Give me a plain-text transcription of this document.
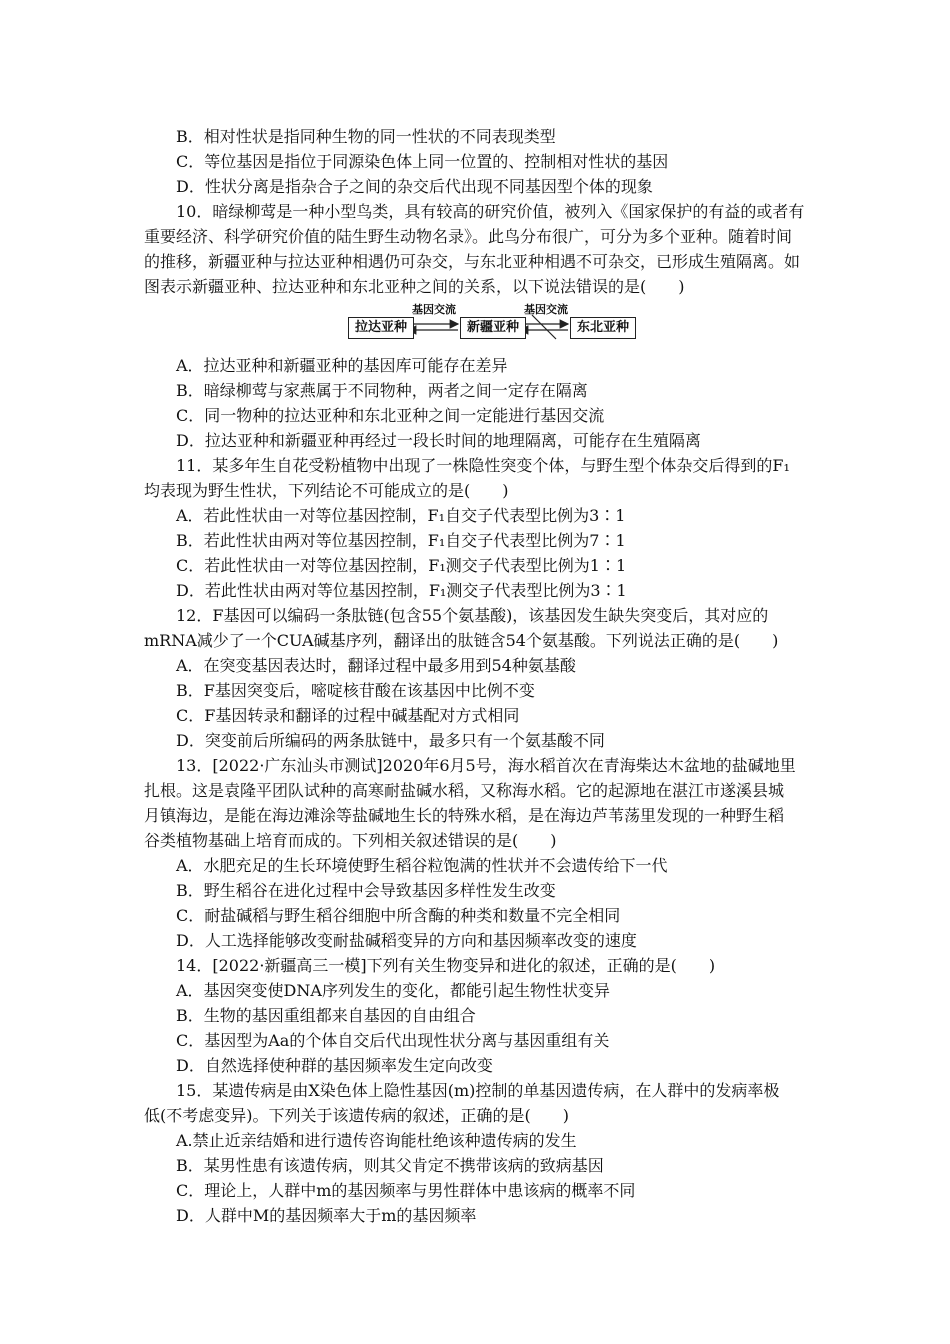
B．相对性状是指同种生物的同一性状的不同表现类型
C．等位基因是指位于同源染色体上同一位置的、控制相对性状的基因
D．性状分离是指杂合子之间的杂交后代出现不同基因型个体的现象
10．暗绿柳莺是一种小型鸟类，具有较高的研究价值，被列入《国家保护的有益的或者有
重要经济、科学研究价值的陆生野生动物名录》。此鸟分布很广，可分为多个亚种。随着时间
的推移，新疆亚种与拉达亚种相遇仍可杂交，与东北亚种相遇不可杂交，已形成生殖隔离。如
图表示新疆亚种、拉达亚种和东北亚种之间的关系，以下说法错误的是(　　)
基因交流	基因交流
拉达亚种	新疆亚种	东北亚种
A．拉达亚种和新疆亚种的基因库可能存在差异
B．暗绿柳莺与家燕属于不同物种，两者之间一定存在隔离
C．同一物种的拉达亚种和东北亚种之间一定能进行基因交流
D．拉达亚种和新疆亚种再经过一段长时间的地理隔离，可能存在生殖隔离
11．某多年生自花受粉植物中出现了一株隐性突变个体，与野生型个体杂交后得到的F₁
均表现为野生性状，下列结论不可能成立的是(　　)
A．若此性状由一对等位基因控制，F₁自交子代表型比例为3∶1
B．若此性状由两对等位基因控制，F₁自交子代表型比例为7∶1
C．若此性状由一对等位基因控制，F₁测交子代表型比例为1∶1
D．若此性状由两对等位基因控制，F₁测交子代表型比例为3∶1
12．F基因可以编码一条肽链(包含55个氨基酸)，该基因发生缺失突变后，其对应的
mRNA减少了一个CUA碱基序列，翻译出的肽链含54个氨基酸。下列说法正确的是(　　)
A．在突变基因表达时，翻译过程中最多用到54种氨基酸
B．F基因突变后，嘧啶核苷酸在该基因中比例不变
C．F基因转录和翻译的过程中碱基配对方式相同
D．突变前后所编码的两条肽链中，最多只有一个氨基酸不同
13．[2022·广东汕头市测试]2020年6月5号，海水稻首次在青海柴达木盆地的盐碱地里
扎根。这是袁隆平团队试种的高寒耐盐碱水稻，又称海水稻。它的起源地在湛江市遂溪县城
月镇海边，是能在海边滩涂等盐碱地生长的特殊水稻，是在海边芦苇荡里发现的一种野生稻
谷类植物基础上培育而成的。下列相关叙述错误的是(　　)
A．水肥充足的生长环境使野生稻谷粒饱满的性状并不会遗传给下一代
B．野生稻谷在进化过程中会导致基因多样性发生改变
C．耐盐碱稻与野生稻谷细胞中所含酶的种类和数量不完全相同
D．人工选择能够改变耐盐碱稻变异的方向和基因频率改变的速度
14．[2022·新疆高三一模]下列有关生物变异和进化的叙述，正确的是(　　)
A．基因突变使DNA序列发生的变化，都能引起生物性状变异
B．生物的基因重组都来自基因的自由组合
C．基因型为Aa的个体自交后代出现性状分离与基因重组有关
D．自然选择使种群的基因频率发生定向改变
15．某遗传病是由X染色体上隐性基因(m)控制的单基因遗传病，在人群中的发病率极
低(不考虑变异)。下列关于该遗传病的叙述，正确的是(　　)
A.禁止近亲结婚和进行遗传咨询能杜绝该种遗传病的发生
B．某男性患有该遗传病，则其父肯定不携带该病的致病基因
C．理论上，人群中m的基因频率与男性群体中患该病的概率不同
D．人群中M的基因频率大于m的基因频率
